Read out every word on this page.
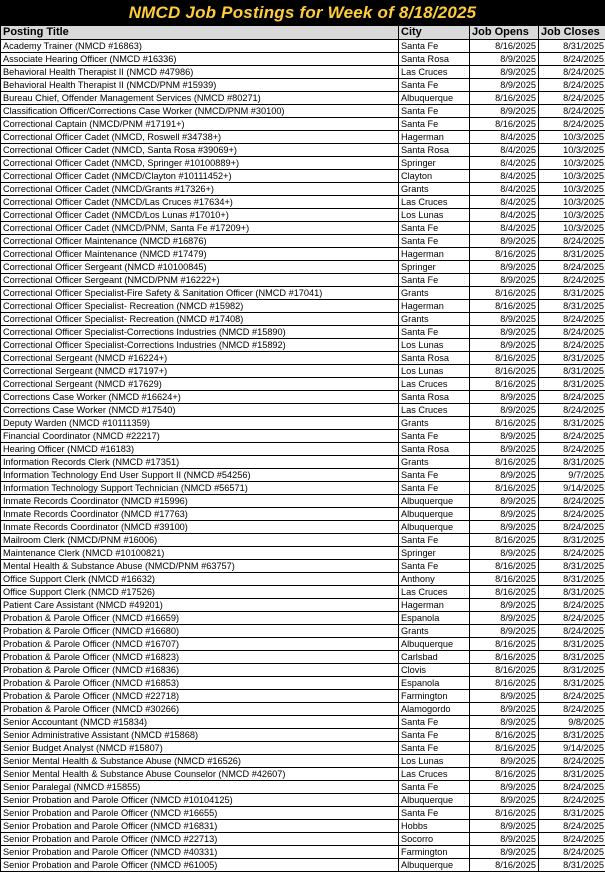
NMCD Job Postings for Week of 8/18/2025
Posting Title	City	Job Opens	Job Closes
Academy Trainer (NMCD #16863)	Santa Fe	8/16/2025	8/31/2025
Associate Hearing Officer (NMCD #16336)	Santa Rosa	8/9/2025	8/24/2025
Behavioral Health Therapist II (NMCD #47986)	Las Cruces	8/9/2025	8/24/2025
Behavioral Health Therapist II (NMCD/PNM #15939)	Santa Fe	8/9/2025	8/24/2025
Bureau Chief, Offender Management Services (NMCD #80271)	Albuquerque	8/16/2025	8/24/2025
Classification Officer/Corrections Case Worker (NMCD/PNM #30100)	Santa Fe	8/9/2025	8/24/2025
Correctional Captain (NMCD/PNM #17191+)	Santa Fe	8/16/2025	8/24/2025
Correctional Officer Cadet (NMCD, Roswell #34738+)	Hagerman	8/4/2025	10/3/2025
Correctional Officer Cadet (NMCD, Santa Rosa #39069+)	Santa Rosa	8/4/2025	10/3/2025
Correctional Officer Cadet (NMCD, Springer #10100889+)	Springer	8/4/2025	10/3/2025
Correctional Officer Cadet (NMCD/Clayton #10111452+)	Clayton	8/4/2025	10/3/2025
Correctional Officer Cadet (NMCD/Grants #17326+)	Grants	8/4/2025	10/3/2025
Correctional Officer Cadet (NMCD/Las Cruces #17634+)	Las Cruces	8/4/2025	10/3/2025
Correctional Officer Cadet (NMCD/Los Lunas #17010+)	Los Lunas	8/4/2025	10/3/2025
Correctional Officer Cadet (NMCD/PNM, Santa Fe #17209+)	Santa Fe	8/4/2025	10/3/2025
Correctional Officer Maintenance (NMCD #16876)	Santa Fe	8/9/2025	8/24/2025
Correctional Officer Maintenance (NMCD #17479)	Hagerman	8/16/2025	8/31/2025
Correctional Officer Sergeant (NMCD #10100845)	Springer	8/9/2025	8/24/2025
Correctional Officer Sergeant (NMCD/PNM #16222+)	Santa Fe	8/9/2025	8/24/2025
Correctional Officer Specialist-Fire Safety & Sanitation Officer (NMCD #17041)	Grants	8/16/2025	8/31/2025
Correctional Officer Specialist- Recreation (NMCD #15982)	Hagerman	8/16/2025	8/31/2025
Correctional Officer Specialist- Recreation (NMCD #17408)	Grants	8/9/2025	8/24/2025
Correctional Officer Specialist-Corrections Industries (NMCD #15890)	Santa Fe	8/9/2025	8/24/2025
Correctional Officer Specialist-Corrections Industries (NMCD #15892)	Los Lunas	8/9/2025	8/24/2025
Correctional Sergeant (NMCD #16224+)	Santa Rosa	8/16/2025	8/31/2025
Correctional Sergeant (NMCD #17197+)	Los Lunas	8/16/2025	8/31/2025
Correctional Sergeant (NMCD #17629)	Las Cruces	8/16/2025	8/31/2025
Corrections Case Worker (NMCD #16624+)	Santa Rosa	8/9/2025	8/24/2025
Corrections Case Worker (NMCD #17540)	Las Cruces	8/9/2025	8/24/2025
Deputy Warden (NMCD #10111359)	Grants	8/16/2025	8/31/2025
Financial Coordinator (NMCD #22217)	Santa Fe	8/9/2025	8/24/2025
Hearing Officer (NMCD #16183)	Santa Rosa	8/9/2025	8/24/2025
Information Records Clerk (NMCD #17351)	Grants	8/16/2025	8/31/2025
Information Technology End User Support II (NMCD #54256)	Santa Fe	8/9/2025	9/7/2025
Information Technology Support Technician (NMCD #56571)	Santa Fe	8/16/2025	9/14/2025
Inmate Records Coordinator (NMCD #15996)	Albuquerque	8/9/2025	8/24/2025
Inmate Records Coordinator (NMCD #17763)	Albuquerque	8/9/2025	8/24/2025
Inmate Records Coordinator (NMCD #39100)	Albuquerque	8/9/2025	8/24/2025
Mailroom Clerk (NMCD/PNM #16006)	Santa Fe	8/16/2025	8/31/2025
Maintenance Clerk (NMCD #10100821)	Springer	8/9/2025	8/24/2025
Mental Health & Substance Abuse (NMCD/PNM #63757)	Santa Fe	8/16/2025	8/31/2025
Office Support Clerk (NMCD #16632)	Anthony	8/16/2025	8/31/2025
Office Support Clerk (NMCD #17526)	Las Cruces	8/16/2025	8/31/2025
Patient Care Assistant (NMCD #49201)	Hagerman	8/9/2025	8/24/2025
Probation & Parole Officer (NMCD #16659)	Espanola	8/9/2025	8/24/2025
Probation & Parole Officer (NMCD #16680)	Grants	8/9/2025	8/24/2025
Probation & Parole Officer (NMCD #16707)	Albuquerque	8/16/2025	8/31/2025
Probation & Parole Officer (NMCD #16823)	Carlsbad	8/16/2025	8/31/2025
Probation & Parole Officer (NMCD #16836)	Clovis	8/16/2025	8/31/2025
Probation & Parole Officer (NMCD #16853)	Espanola	8/16/2025	8/31/2025
Probation & Parole Officer (NMCD #22718)	Farmington	8/9/2025	8/24/2025
Probation & Parole Officer (NMCD #30266)	Alamogordo	8/9/2025	8/24/2025
Senior Accountant (NMCD #15834)	Santa Fe	8/9/2025	9/8/2025
Senior Administrative Assistant (NMCD #15868)	Santa Fe	8/16/2025	8/31/2025
Senior Budget Analyst (NMCD #15807)	Santa Fe	8/16/2025	9/14/2025
Senior Mental Health & Substance Abuse (NMCD #16526)	Los Lunas	8/9/2025	8/24/2025
Senior Mental Health & Substance Abuse Counselor (NMCD #42607)	Las Cruces	8/16/2025	8/31/2025
Senior Paralegal (NMCD #15855)	Santa Fe	8/9/2025	8/24/2025
Senior Probation and Parole Officer (NMCD #10104125)	Albuquerque	8/9/2025	8/24/2025
Senior Probation and Parole Officer (NMCD #16655)	Santa Fe	8/16/2025	8/31/2025
Senior Probation and Parole Officer (NMCD #16831)	Hobbs	8/9/2025	8/24/2025
Senior Probation and Parole Officer (NMCD #22713)	Socorro	8/9/2025	8/24/2025
Senior Probation and Parole Officer (NMCD #40331)	Farmington	8/9/2025	8/24/2025
Senior Probation and Parole Officer (NMCD #61005)	Albuquerque	8/16/2025	8/31/2025
